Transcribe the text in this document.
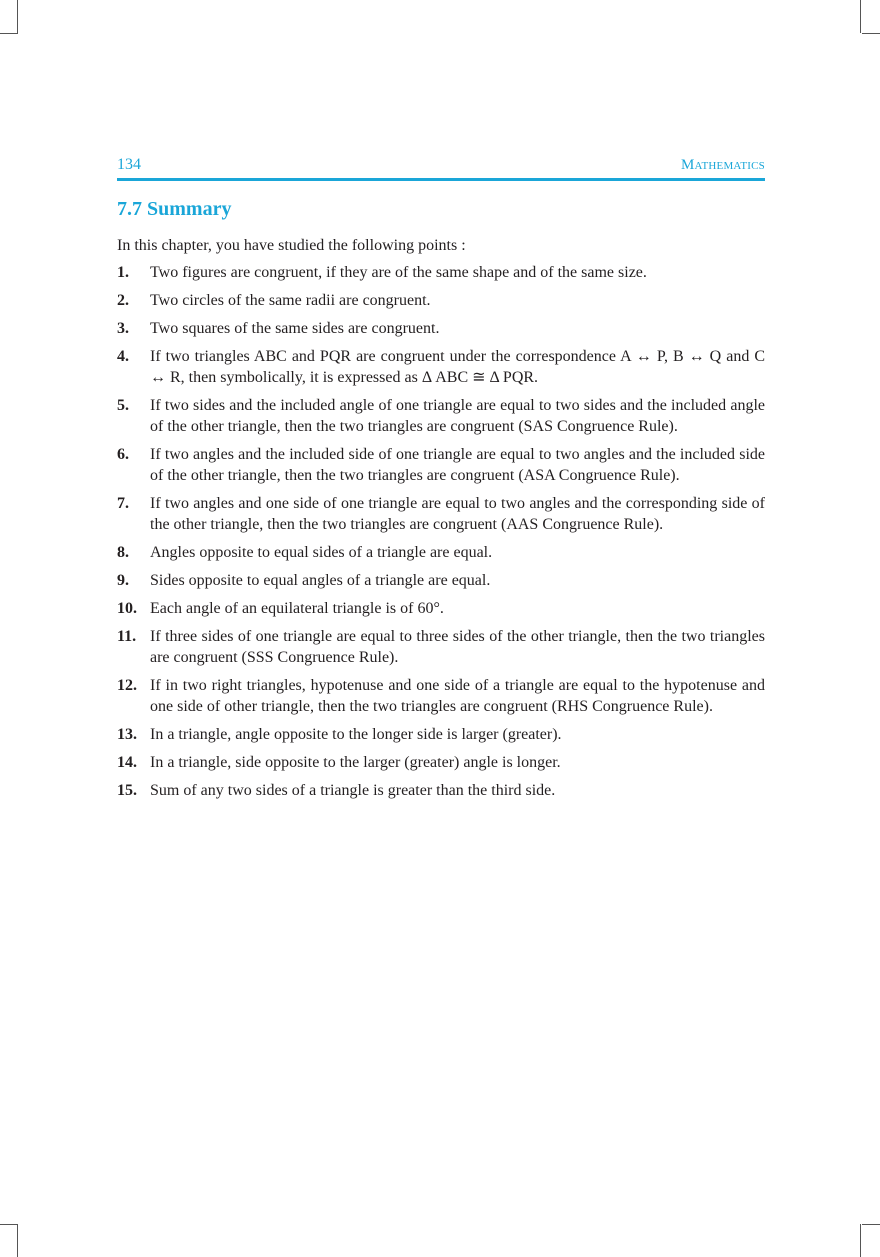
134	Mathematics
7.7 Summary
In this chapter, you have studied the following points :
1. Two figures are congruent, if they are of the same shape and of the same size.
2. Two circles of the same radii are congruent.
3. Two squares of the same sides are congruent.
4. If two triangles ABC and PQR are congruent under the correspondence A ↔ P, B ↔ Q and C ↔ R, then symbolically, it is expressed as Δ ABC ≅ Δ PQR.
5. If two sides and the included angle of one triangle are equal to two sides and the included angle of the other triangle, then the two triangles are congruent (SAS Congruence Rule).
6. If two angles and the included side of one triangle are equal to two angles and the included side of the other triangle, then the two triangles are congruent (ASA Congruence Rule).
7. If two angles and one side of one triangle are equal to two angles and the corresponding side of the other triangle, then the two triangles are congruent (AAS Congruence Rule).
8. Angles opposite to equal sides of a triangle are equal.
9. Sides opposite to equal angles of a triangle are equal.
10. Each angle of an equilateral triangle is of 60°.
11. If three sides of one triangle are equal to three sides of the other triangle, then the two triangles are congruent (SSS Congruence Rule).
12. If in two right triangles, hypotenuse and one side of a triangle are equal to the hypotenuse and one side of other triangle, then the two triangles are congruent (RHS Congruence Rule).
13. In a triangle, angle opposite to the longer side is larger (greater).
14. In a triangle, side opposite to the larger (greater) angle is longer.
15. Sum of any two sides of a triangle is greater than the third side.
